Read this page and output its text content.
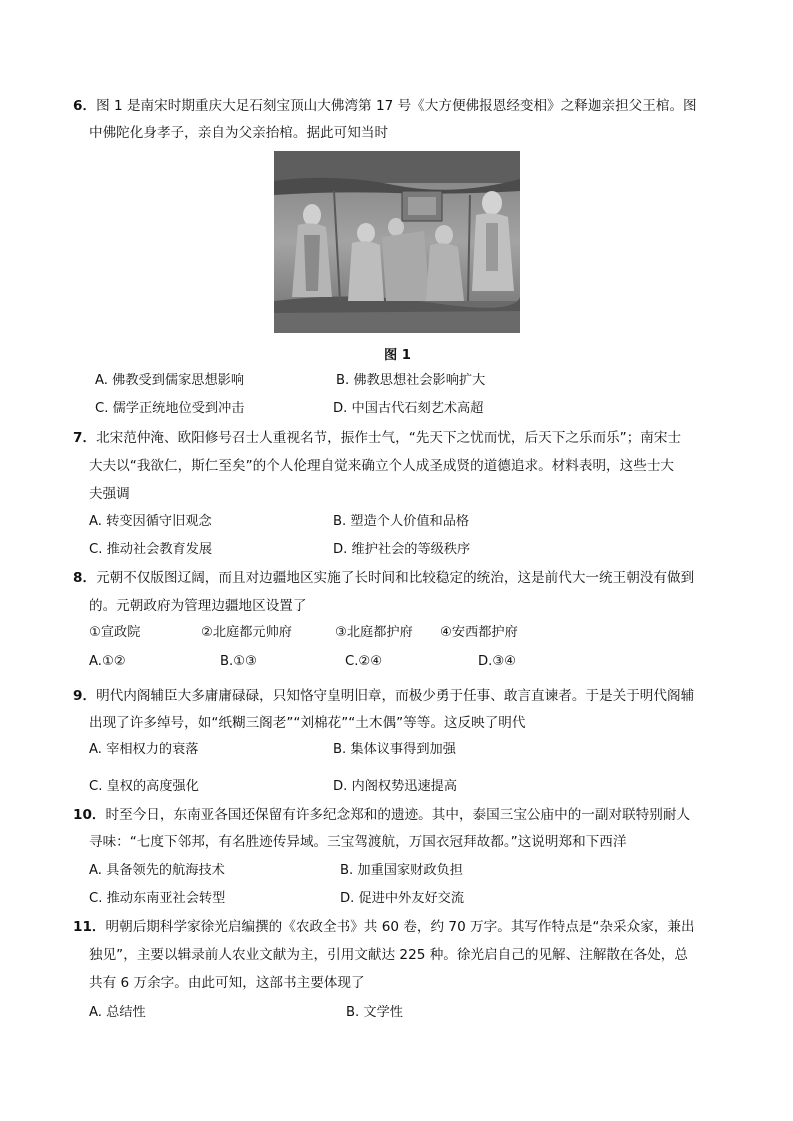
6．图 1 是南宋时期重庆大足石刻宝顶山大佛湾第 17 号《大方便佛报恩经变相》之释迦亲担父王棺。图
中佛陀化身孝子，亲自为父亲抬棺。据此可知当时
图 1
A. 佛教受到儒家思想影响	B. 佛教思想社会影响扩大
C. 儒学正统地位受到冲击	D. 中国古代石刻艺术高超
7．北宋范仲淹、欧阳修号召士人重视名节，振作士气，“先天下之忧而忧，后天下之乐而乐”；南宋士
大夫以“我欲仁，斯仁至矣”的个人伦理自觉来确立个人成圣成贤的道德追求。材料表明，这些士大
夫强调
A. 转变因循守旧观念	B. 塑造个人价值和品格
C. 推动社会教育发展	D. 维护社会的等级秩序
8．元朝不仅版图辽阔，而且对边疆地区实施了长时间和比较稳定的统治，这是前代大一统王朝没有做到
的。元朝政府为管理边疆地区设置了
①宣政院	②北庭都元帅府	③北庭都护府 ④安西都护府
A.①②	B.①③	C.②④	D.③④
9．明代内阁辅臣大多庸庸碌碌，只知恪守皇明旧章，而极少勇于任事、敢言直谏者。于是关于明代阁辅
出现了许多绰号，如“纸糊三阁老”“刘棉花”“土木偶”等等。这反映了明代
A. 宰相权力的衰落	B. 集体议事得到加强
C. 皇权的高度强化	D. 内阁权势迅速提高
10．时至今日，东南亚各国还保留有许多纪念郑和的遗迹。其中，泰国三宝公庙中的一副对联特别耐人
寻味：“七度下邻邦，有名胜迹传异域。三宝驾渡航，万国衣冠拜故都。”这说明郑和下西洋
A. 具备领先的航海技术	B. 加重国家财政负担
C. 推动东南亚社会转型	D. 促进中外友好交流
11．明朝后期科学家徐光启编撰的《农政全书》共 60 卷，约 70 万字。其写作特点是“杂采众家，兼出
独见”，主要以辑录前人农业文献为主，引用文献达 225 种。徐光启自己的见解、注解散在各处，总
共有 6 万余字。由此可知，这部书主要体现了
A. 总结性	B. 文学性
